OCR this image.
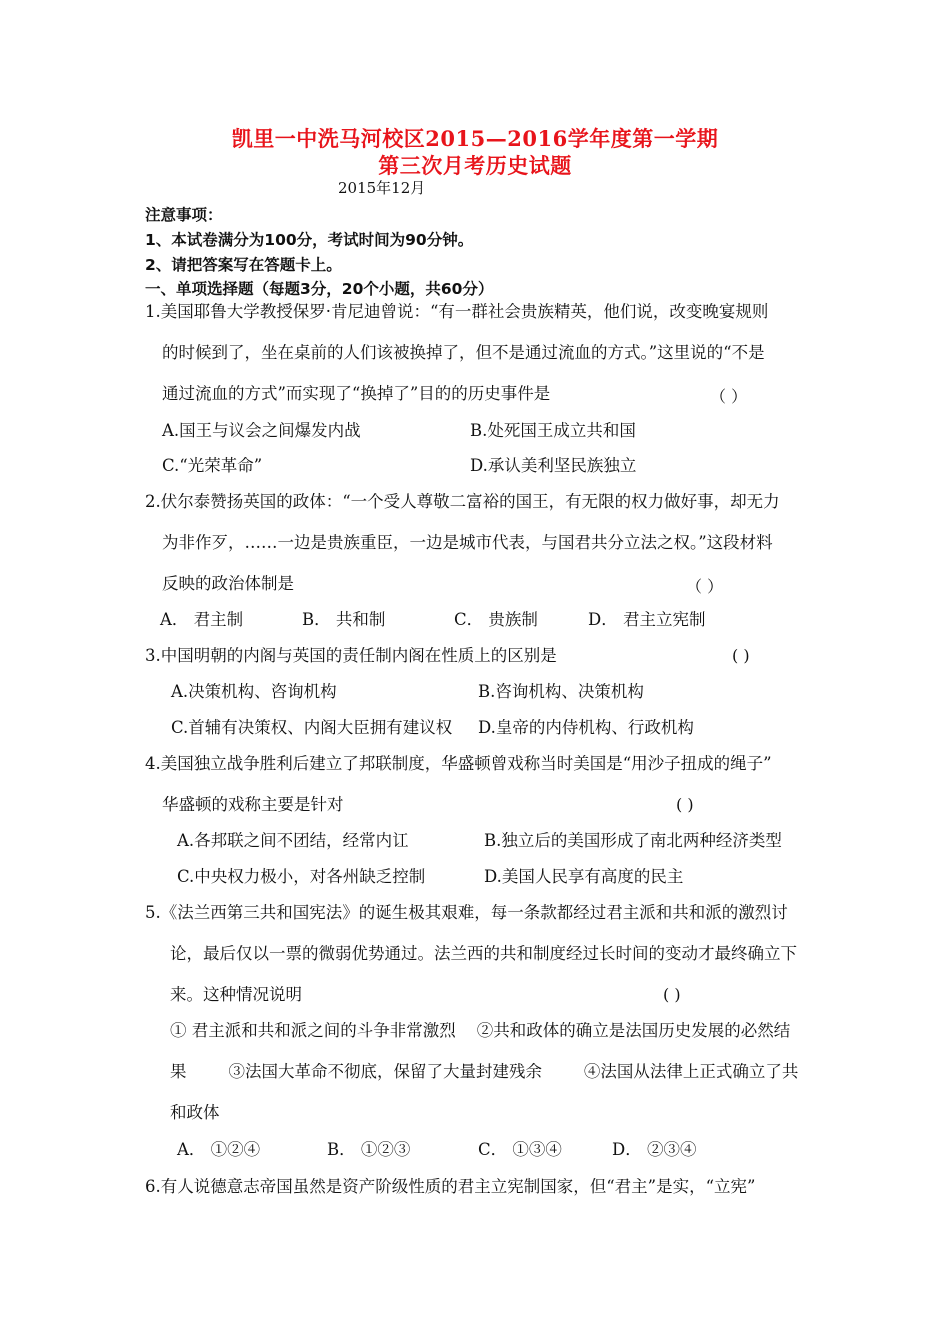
凯里一中洗马河校区2015—2016学年度第一学期
第三次月考历史试题
2015年12月
注意事项：
1、本试卷满分为100分，考试时间为90分钟。
2、请把答案写在答题卡上。
一、单项选择题（每题3分，20个小题，共60分）
1.美国耶鲁大学教授保罗·肯尼迪曾说：“有一群社会贵族精英，他们说，改变晚宴规则
的时候到了，坐在桌前的人们该被换掉了，但不是通过流血的方式。”这里说的“不是
通过流血的方式”而实现了“换掉了”目的的历史事件是	（ ）
A.国王与议会之间爆发内战	B.处死国王成立共和国
C.“光荣革命”	D.承认美利坚民族独立
2.伏尔泰赞扬英国的政体：“一个受人尊敬二富裕的国王，有无限的权力做好事，却无力
为非作歹，……一边是贵族重臣，一边是城市代表，与国君共分立法之权。”这段材料
反映的政治体制是	（ ）
A． 君主制	B． 共和制	C． 贵族制	D． 君主立宪制
3.中国明朝的内阁与英国的责任制内阁在性质上的区别是	( )
A.决策机构、咨询机构	B.咨询机构、决策机构
C.首辅有决策权、内阁大臣拥有建议权 D.皇帝的内侍机构、行政机构
4.美国独立战争胜利后建立了邦联制度，华盛顿曾戏称当时美国是“用沙子扭成的绳子”
华盛顿的戏称主要是针对	( )
A.各邦联之间不团结，经常内讧	B.独立后的美国形成了南北两种经济类型
C.中央权力极小，对各州缺乏控制	D.美国人民享有高度的民主
5.《法兰西第三共和国宪法》的诞生极其艰难，每一条款都经过君主派和共和派的激烈讨
论，最后仅以一票的微弱优势通过。法兰西的共和制度经过长时间的变动才最终确立下
来。这种情况说明	( )
① 君主派和共和派之间的斗争非常激烈    ②共和政体的确立是法国历史发展的必然结
果        ③法国大革命不彻底，保留了大量封建残余        ④法国从法律上正式确立了共
和政体
A． ①②④	B． ①②③	C． ①③④	D． ②③④
6.有人说德意志帝国虽然是资产阶级性质的君主立宪制国家，但“君主”是实，“立宪”
